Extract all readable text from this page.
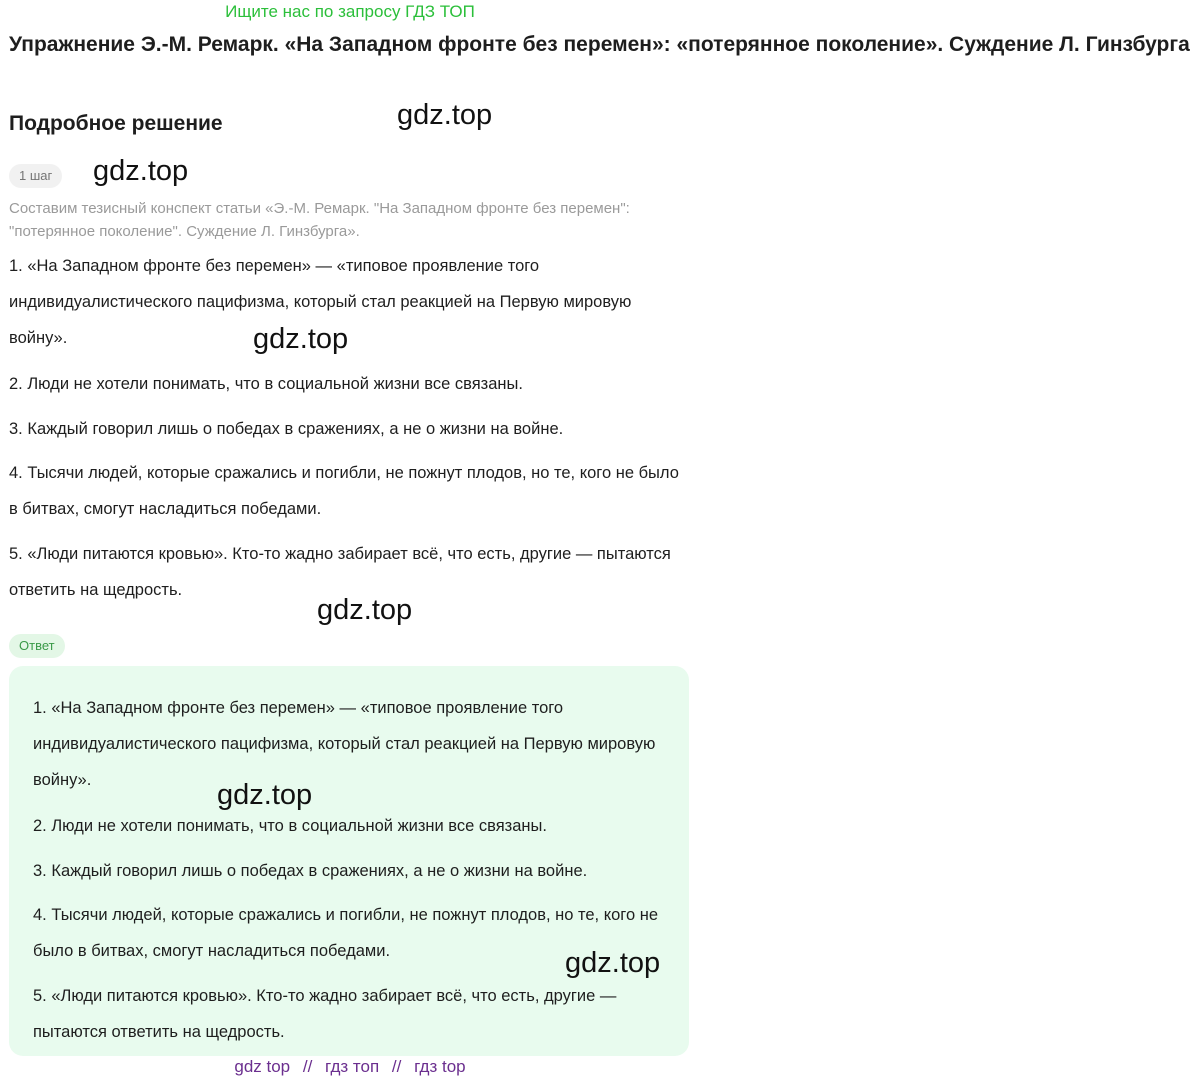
Ищите нас по запросу ГДЗ ТОП
Упражнение Э.-М. Ремарк. «На Западном фронте без перемен»: «потерянное поколение». Суждение Л. Гинзбурга
Подробное решение
1 шаг
Составим тезисный конспект статьи «Э.-М. Ремарк. "На Западном фронте без перемен": "потерянное поколение". Суждение Л. Гинзбурга».
1. «На Западном фронте без перемен» — «типовое проявление того индивидуалистического пацифизма, который стал реакцией на Первую мировую войну».
2. Люди не хотели понимать, что в социальной жизни все связаны.
3. Каждый говорил лишь о победах в сражениях, а не о жизни на войне.
4. Тысячи людей, которые сражались и погибли, не пожнут плодов, но те, кого не было в битвах, смогут насладиться победами.
5. «Люди питаются кровью». Кто-то жадно забирает всё, что есть, другие — пытаются ответить на щедрость.
Ответ
1. «На Западном фронте без перемен» — «типовое проявление того индивидуалистического пацифизма, который стал реакцией на Первую мировую войну».
2. Люди не хотели понимать, что в социальной жизни все связаны.
3. Каждый говорил лишь о победах в сражениях, а не о жизни на войне.
4. Тысячи людей, которые сражались и погибли, не пожнут плодов, но те, кого не было в битвах, смогут насладиться победами.
5. «Люди питаются кровью». Кто-то жадно забирает всё, что есть, другие — пытаются ответить на щедрость.
gdz.top
gdz.top
gdz.top
gdz.top
gdz.top
gdz.top
gdz top // гдз топ // гдз top
